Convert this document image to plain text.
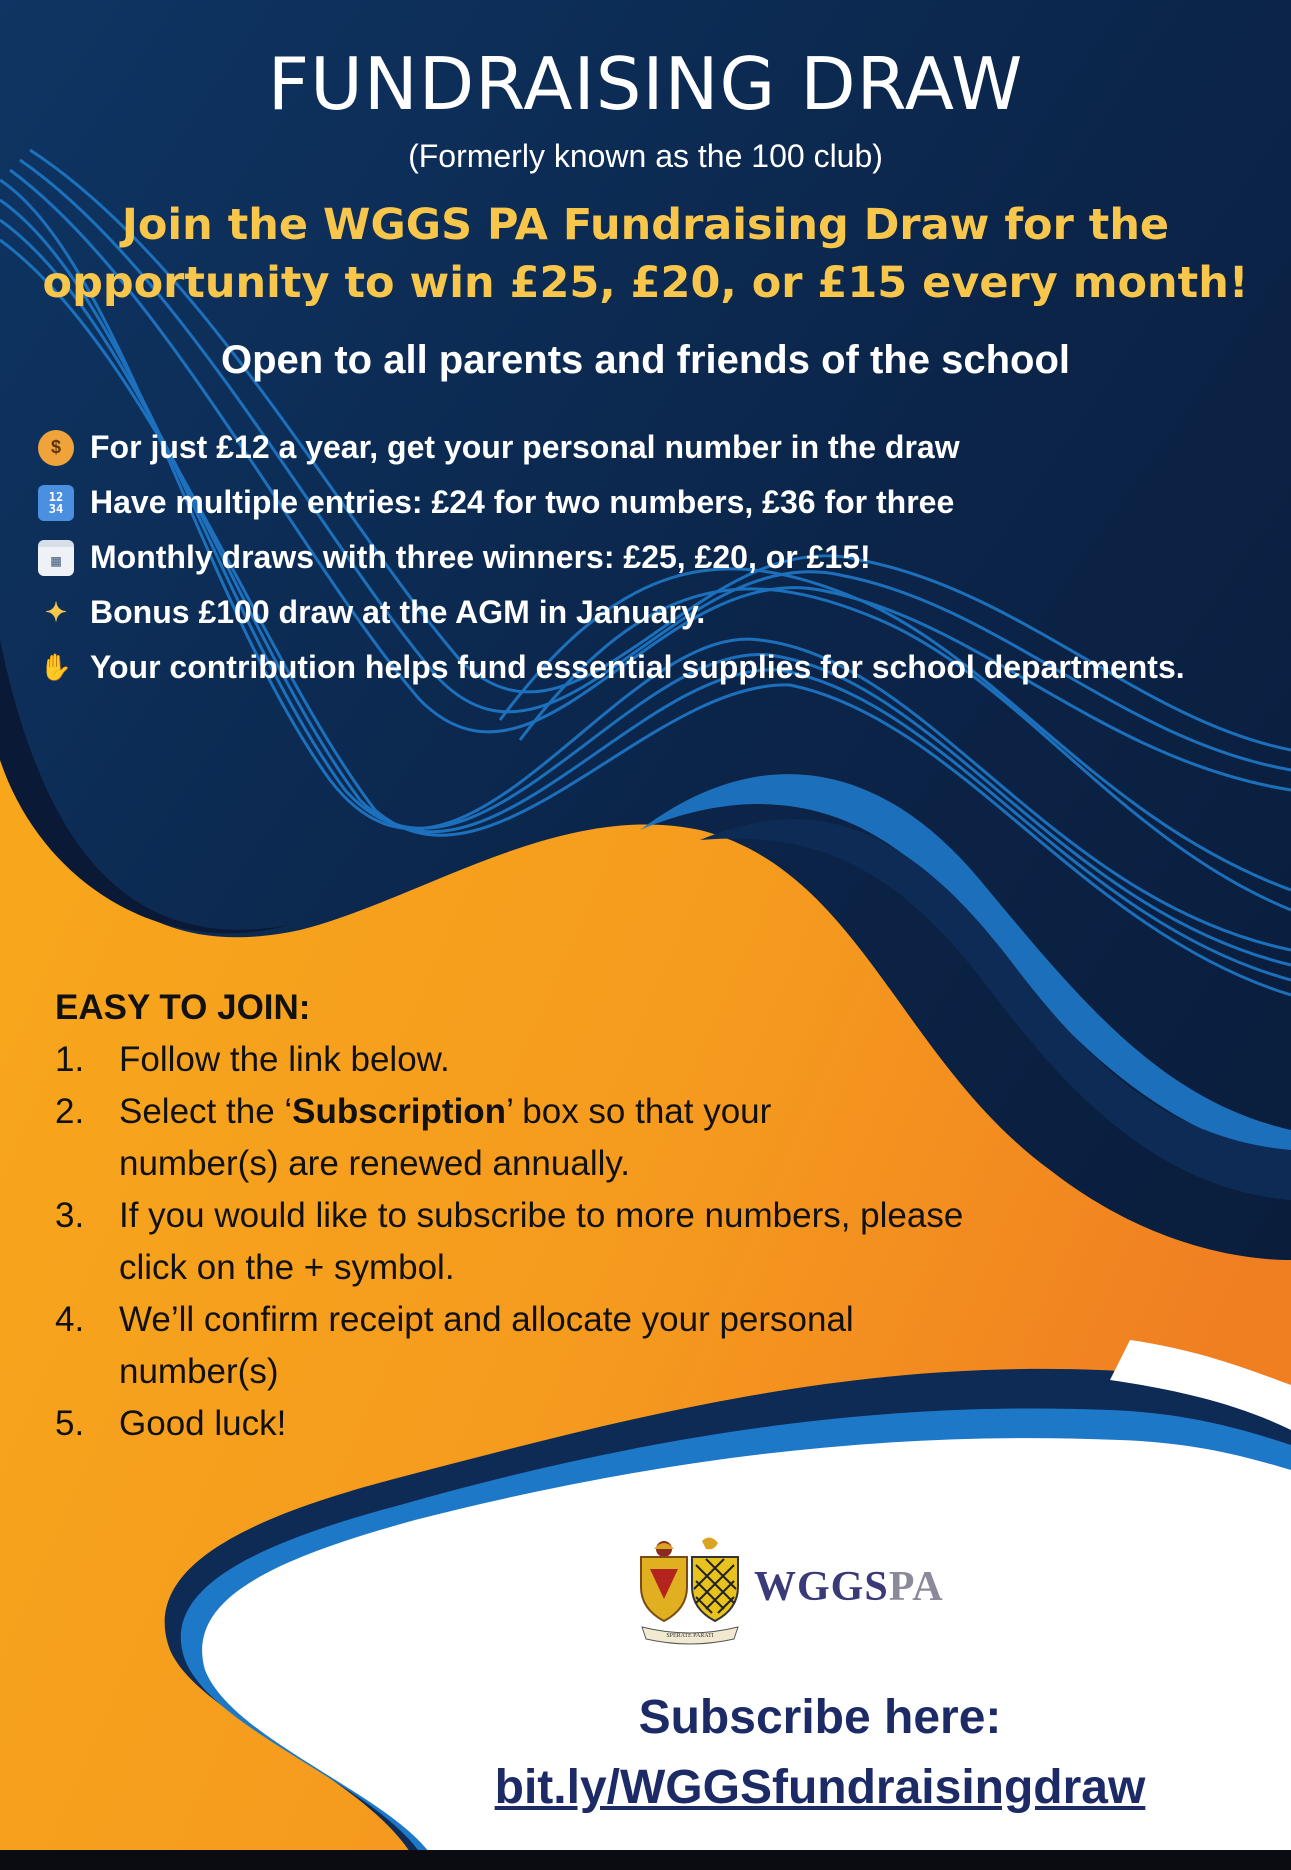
FUNDRAISING DRAW
(Formerly known as the 100 club)
Join the WGGS PA Fundraising Draw for the opportunity to win £25, £20, or £15 every month!
Open to all parents and friends of the school
$ For just £12 a year, get your personal number in the draw
12
34 Have multiple entries: £24 for two numbers, £36 for three
▦ Monthly draws with three winners: £25, £20, or £15!
✦ Bonus £100 draw at the AGM in January.
✋ Your contribution helps fund essential supplies for school departments.
EASY TO JOIN:
1. Follow the link below.
2. Select the ‘Subscription’ box so that your number(s) are renewed annually.
3. If you would like to subscribe to more numbers, please click on the + symbol.
4. We’ll confirm receipt and allocate your personal number(s)
5. Good luck!
SPERATE PARATI
WGGSPA
Subscribe here:
bit.ly/WGGSfundraisingdraw
